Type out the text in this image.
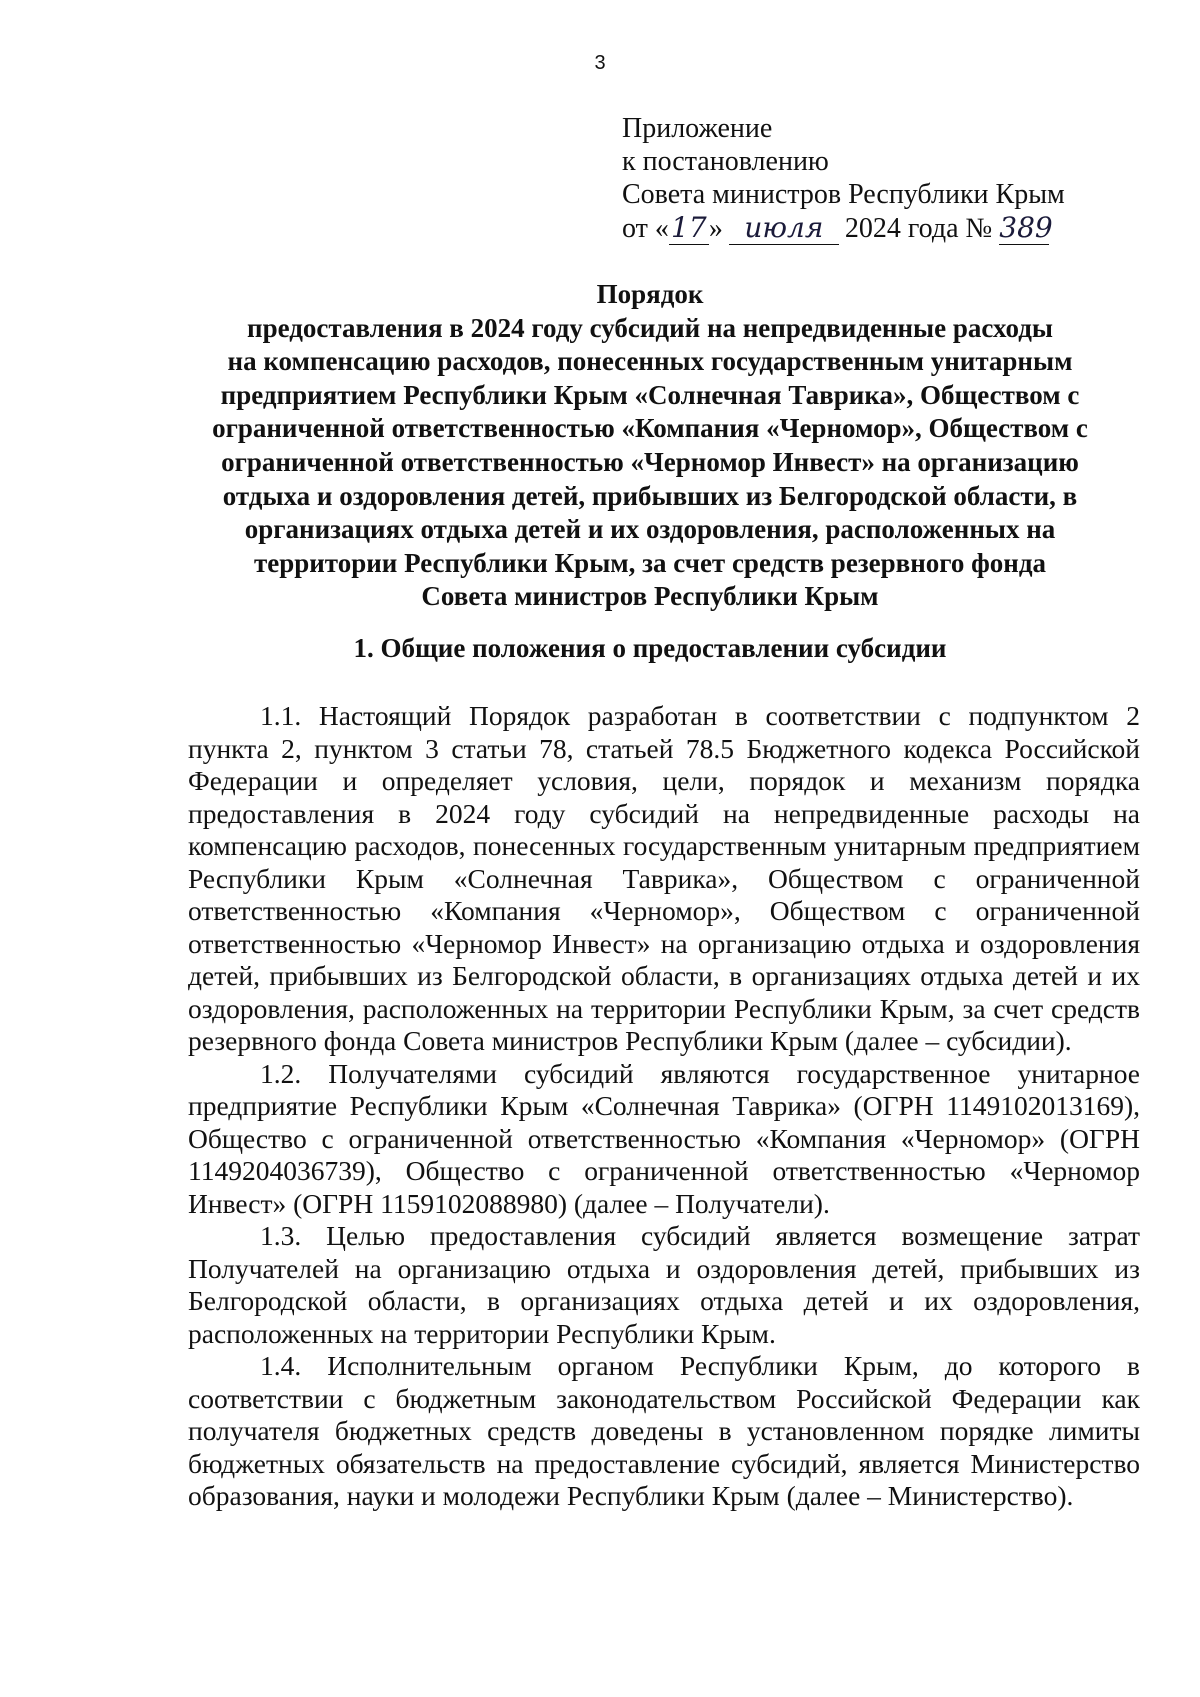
3
Приложение
к постановлению
Совета министров Республики Крым
от «17» июля 2024 года № 389
Порядок
предоставления в 2024 году субсидий на непредвиденные расходы
на компенсацию расходов, понесенных государственным унитарным
предприятием Республики Крым «Солнечная Таврика», Обществом с
ограниченной ответственностью «Компания «Черномор», Обществом с
ограниченной ответственностью «Черномор Инвест» на организацию
отдыха и оздоровления детей, прибывших из Белгородской области, в
организациях отдыха детей и их оздоровления, расположенных на
территории Республики Крым, за счет средств резервного фонда
Совета министров Республики Крым
1. Общие положения о предоставлении субсидии

1.1. Настоящий Порядок разработан в соответствии с подпунктом 2 пункта 2, пунктом 3 статьи 78, статьей 78.5 Бюджетного кодекса Российской Федерации и определяет условия, цели, порядок и механизм порядка предоставления в 2024 году субсидий на непредвиденные расходы на компенсацию расходов, понесенных государственным унитарным предприятием Республики Крым «Солнечная Таврика», Обществом с ограниченной ответственностью «Компания «Черномор», Обществом с ограниченной ответственностью «Черномор Инвест» на организацию отдыха и оздоровления детей, прибывших из Белгородской области, в организациях отдыха детей и их оздоровления, расположенных на территории Республики Крым, за счет средств резервного фонда Совета министров Республики Крым (далее – субсидии).

1.2. Получателями субсидий являются государственное унитарное предприятие Республики Крым «Солнечная Таврика» (ОГРН 1149102013169), Общество с ограниченной ответственностью «Компания «Черномор» (ОГРН 1149204036739), Общество с ограниченной ответственностью «Черномор Инвест» (ОГРН 1159102088980) (далее – Получатели).

1.3. Целью предоставления субсидий является возмещение затрат Получателей на организацию отдыха и оздоровления детей, прибывших из Белгородской области, в организациях отдыха детей и их оздоровления, расположенных на территории Республики Крым.

1.4. Исполнительным органом Республики Крым, до которого в соответствии с бюджетным законодательством Российской Федерации как получателя бюджетных средств доведены в установленном порядке лимиты бюджетных обязательств на предоставление субсидий, является Министерство образования, науки и молодежи Республики Крым (далее – Министерство).
